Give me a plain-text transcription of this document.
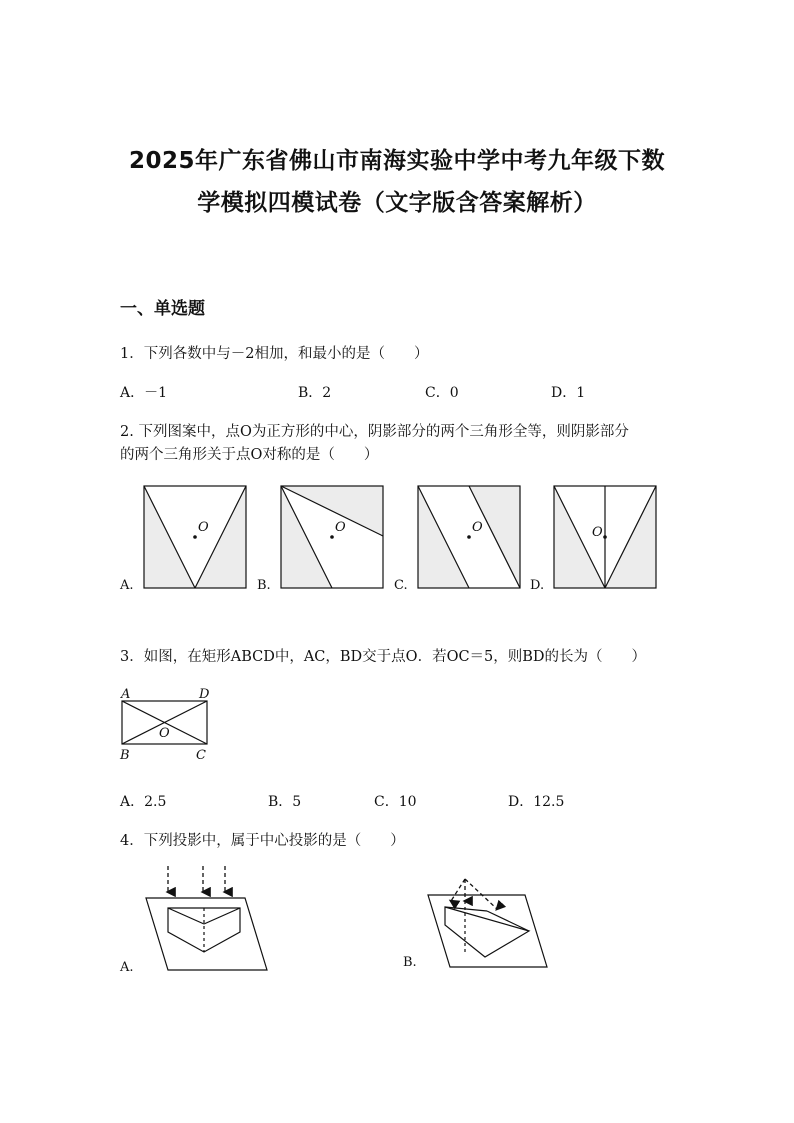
2025年广东省佛山市南海实验中学中考九年级下数
学模拟四模试卷（文字版含答案解析）
一、单选题
1．下列各数中与－2相加，和最小的是（　　）
A．－1	B．2	C．0	D．1
2. 下列图案中，点O为正方形的中心，阴影部分的两个三角形全等，则阴影部分
的两个三角形关于点O对称的是（　　）
O	O	O	O
A.	B.	C.	D.
3．如图，在矩形ABCD中，AC，BD交于点O．若OC＝5，则BD的长为（　　）
A	D
B	C
O
A．2.5	B．5	C．10	D．12.5
4．下列投影中，属于中心投影的是（　　）
A.	B.
